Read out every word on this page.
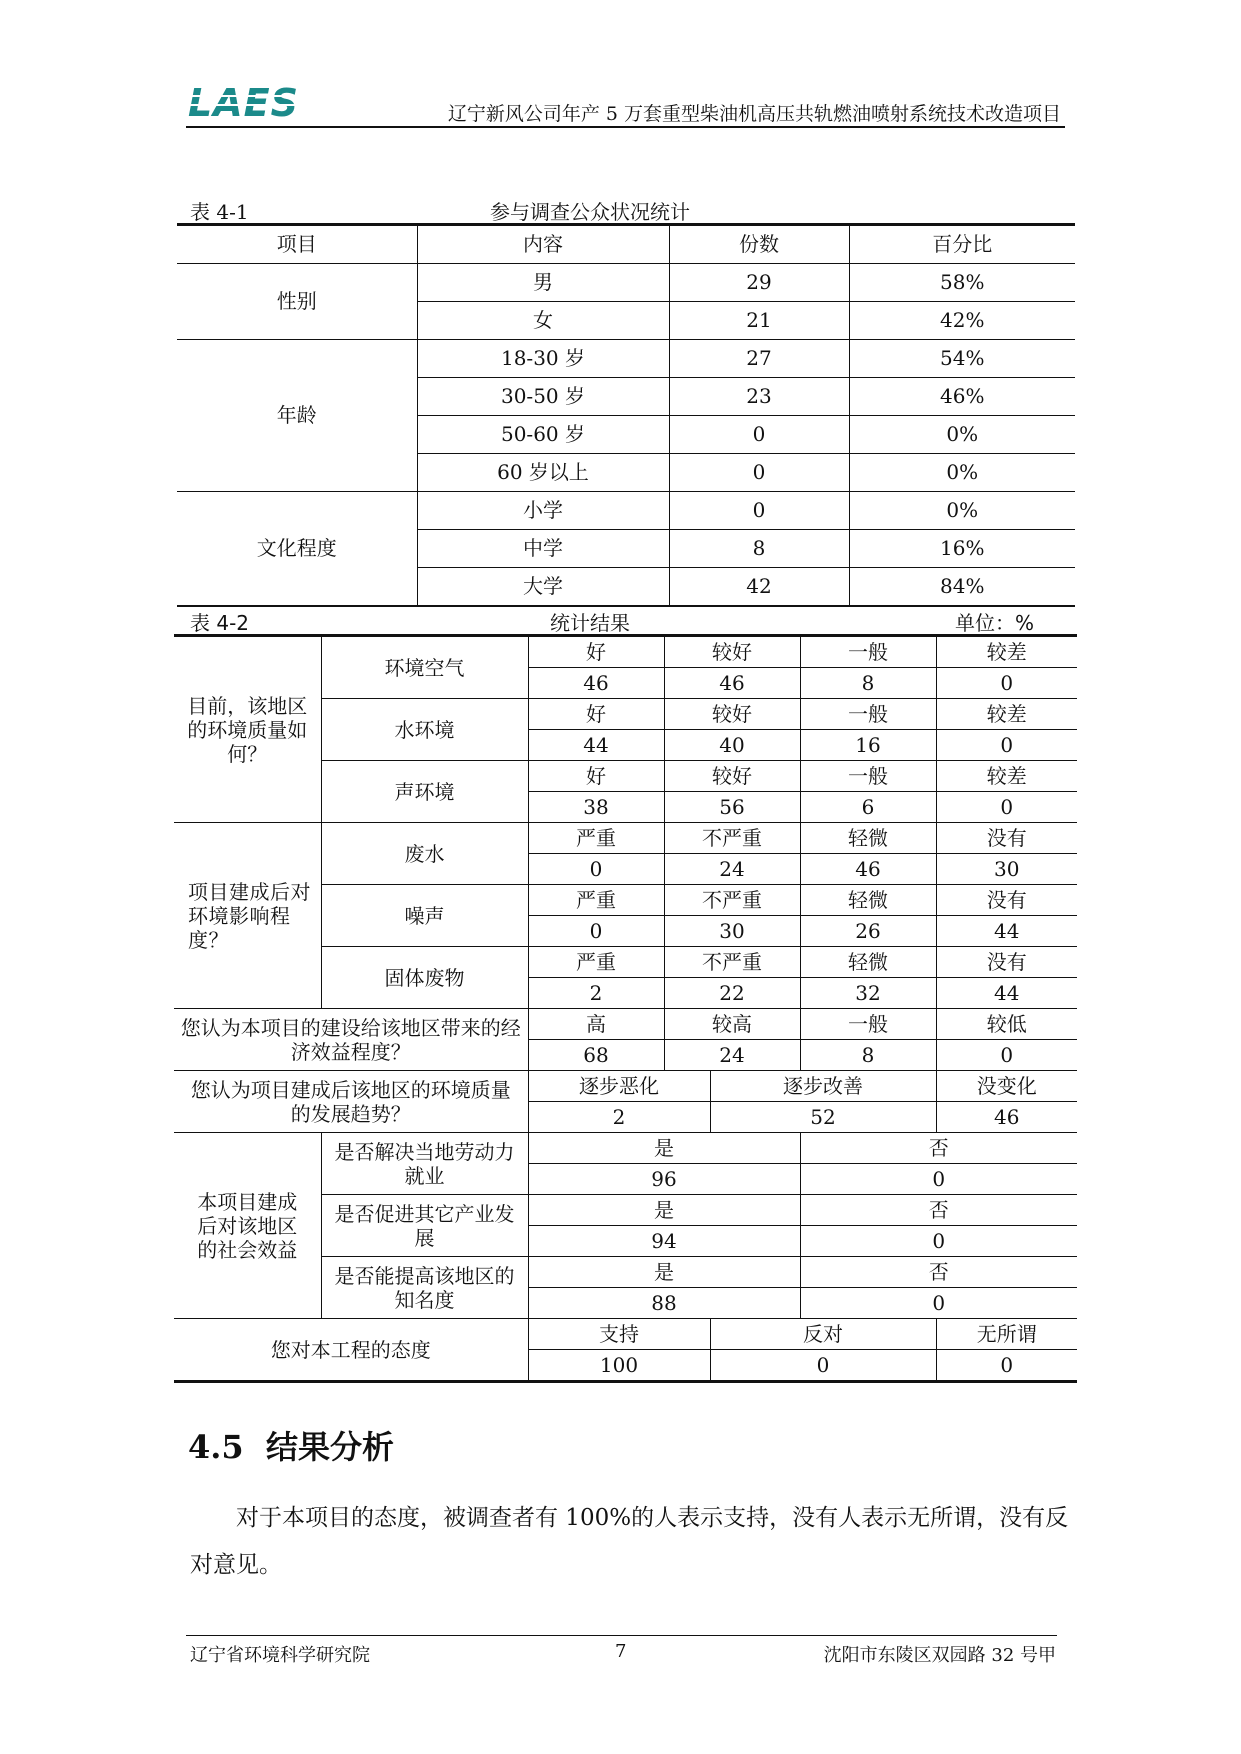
LAES	辽宁新风公司年产 5 万套重型柴油机高压共轨燃油喷射系统技术改造项目
表 4-1	参与调查公众状况统计
项目	内容	份数	百分比
性别	男	29	58%
	女	21	42%
年龄	18-30 岁	27	54%
	30-50 岁	23	46%
	50-60 岁	0	0%
	60 岁以上	0	0%
文化程度	小学	0	0%
	中学	8	16%
	大学	42	84%
表 4-2	统计结果	单位：%
目前，该地区的环境质量如何？	环境空气	好	较好		一般	较差
		46	46		8	0
	水环境	好	较好		一般	较差
		44	40		16	0
	声环境	好	较好		一般	较差
		38	56		6	0
项目建成后对环境影响程度？	废水	严重	不严重		轻微	没有
		0	24		46	30
	噪声	严重	不严重		轻微	没有
		0	30		26	44
	固体废物	严重	不严重		轻微	没有
		2	22		32	44
您认为本项目的建设给该地区带来的经济效益程度？		高	较高		一般	较低
		68	24		8	0
您认为项目建成后该地区的环境质量的发展趋势？		逐步恶化		逐步改善		没变化
		2		52		46
本项目建成后对该地区的社会效益	是否解决当地劳动力就业	是			否	
		96			0	
	是否促进其它产业发展	是			否	
		94			0	
	是否能提高该地区的知名度	是			否	
		88			0	
您对本工程的态度		支持		反对		无所谓
		100		0		0
4.5  结果分析
对于本项目的态度，被调查者有 100%的人表示支持，没有人表示无所谓，没有反对意见。
辽宁省环境科学研究院	7	沈阳市东陵区双园路 32 号甲
